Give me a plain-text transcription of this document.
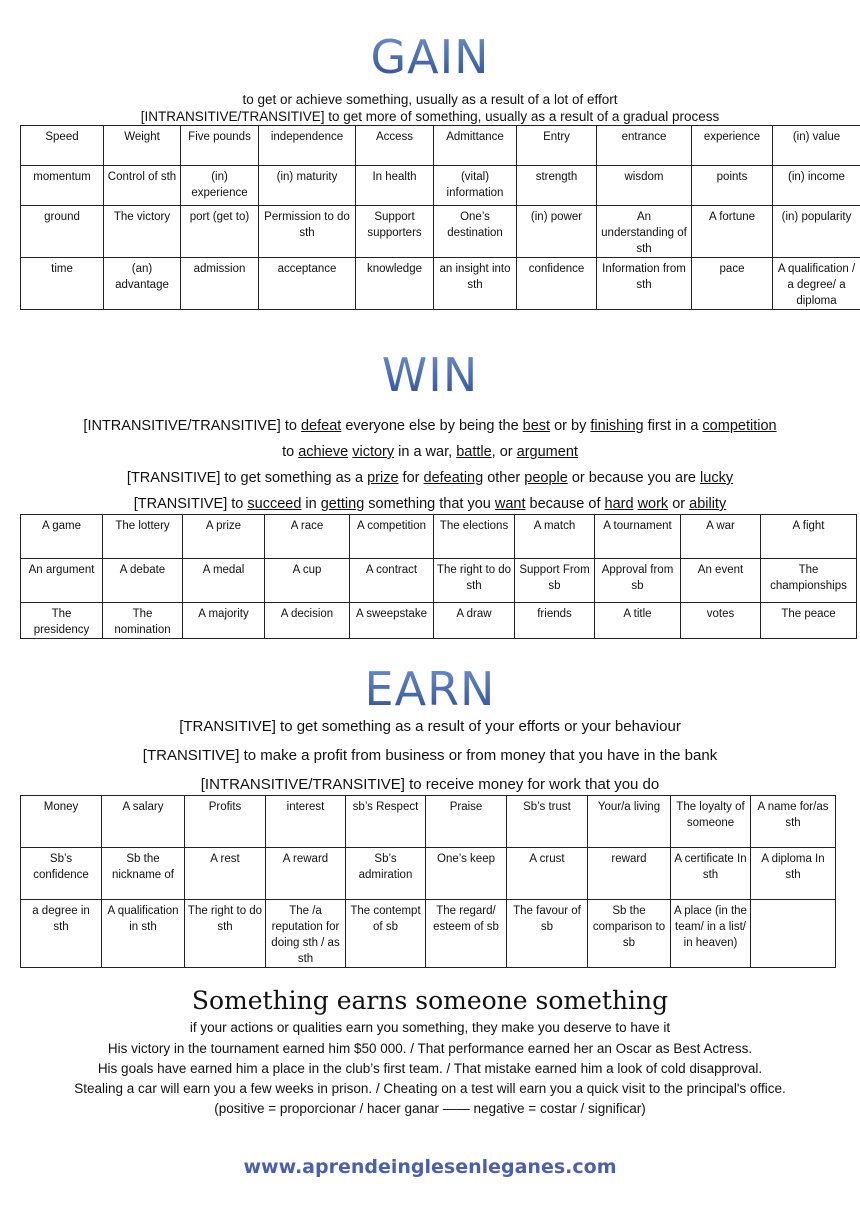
GAIN
to get or achieve something, usually as a result of a lot of effort
[INTRANSITIVE/TRANSITIVE] to get more of something, usually as a result of a gradual process
Speed	Weight	Five pounds	independence	Access	Admittance	Entry	entrance	experience	(in) value
momentum	Control of sth	(in) experience	(in) maturity	In health	(vital) information	strength	wisdom	points	(in) income
ground	The victory	port (get to)	Permission to do sth	Support supporters	One’s destination	(in) power	An understanding of sth	A fortune	(in) popularity
time	(an) advantage	admission	acceptance	knowledge	an insight into sth	confidence	Information from sth	pace	A qualification / a degree/ a diploma
WIN
[INTRANSITIVE/TRANSITIVE] to defeat everyone else by being the best or by finishing first in a competition
to achieve victory in a war, battle, or argument
[TRANSITIVE] to get something as a prize for defeating other people or because you are lucky
[TRANSITIVE] to succeed in getting something that you want because of hard work or ability
A game	The lottery	A prize	A race	A competition	The elections	A match	A tournament	A war	A fight
An argument	A debate	A medal	A cup	A contract	The right to do sth	Support From sb	Approval from sb	An event	The championships
The presidency	The nomination	A majority	A decision	A sweepstake	A draw	friends	A title	votes	The peace
EARN
[TRANSITIVE] to get something as a result of your efforts or your behaviour
[TRANSITIVE] to make a profit from business or from money that you have in the bank
[INTRANSITIVE/TRANSITIVE] to receive money for work that you do
Money	A salary	Profits	interest	sb’s Respect	Praise	Sb’s trust	Your/a living	The loyalty of someone	A name for/as sth
Sb’s confidence	Sb the nickname of	A rest	A reward	Sb’s admiration	One’s keep	A crust	reward	A certificate In sth	A diploma In sth
a degree in sth	A qualification in sth	The right to do sth	The /a reputation for doing sth / as sth	The contempt of sb	The regard/ esteem of sb	The favour of sb	Sb the comparison to sb	A place (in the team/ in a list/ in heaven)	
Something earns someone something
if your actions or qualities earn you something, they make you deserve to have it
His victory in the tournament earned him $50 000. / That performance earned her an Oscar as Best Actress.
His goals have earned him a place in the club’s first team. / That mistake earned him a look of cold disapproval.
Stealing a car will earn you a few weeks in prison. / Cheating on a test will earn you a quick visit to the principal's office.
(positive = proporcionar / hacer ganar —— negative = costar / significar)
www.aprendeinglesenleganes.com
